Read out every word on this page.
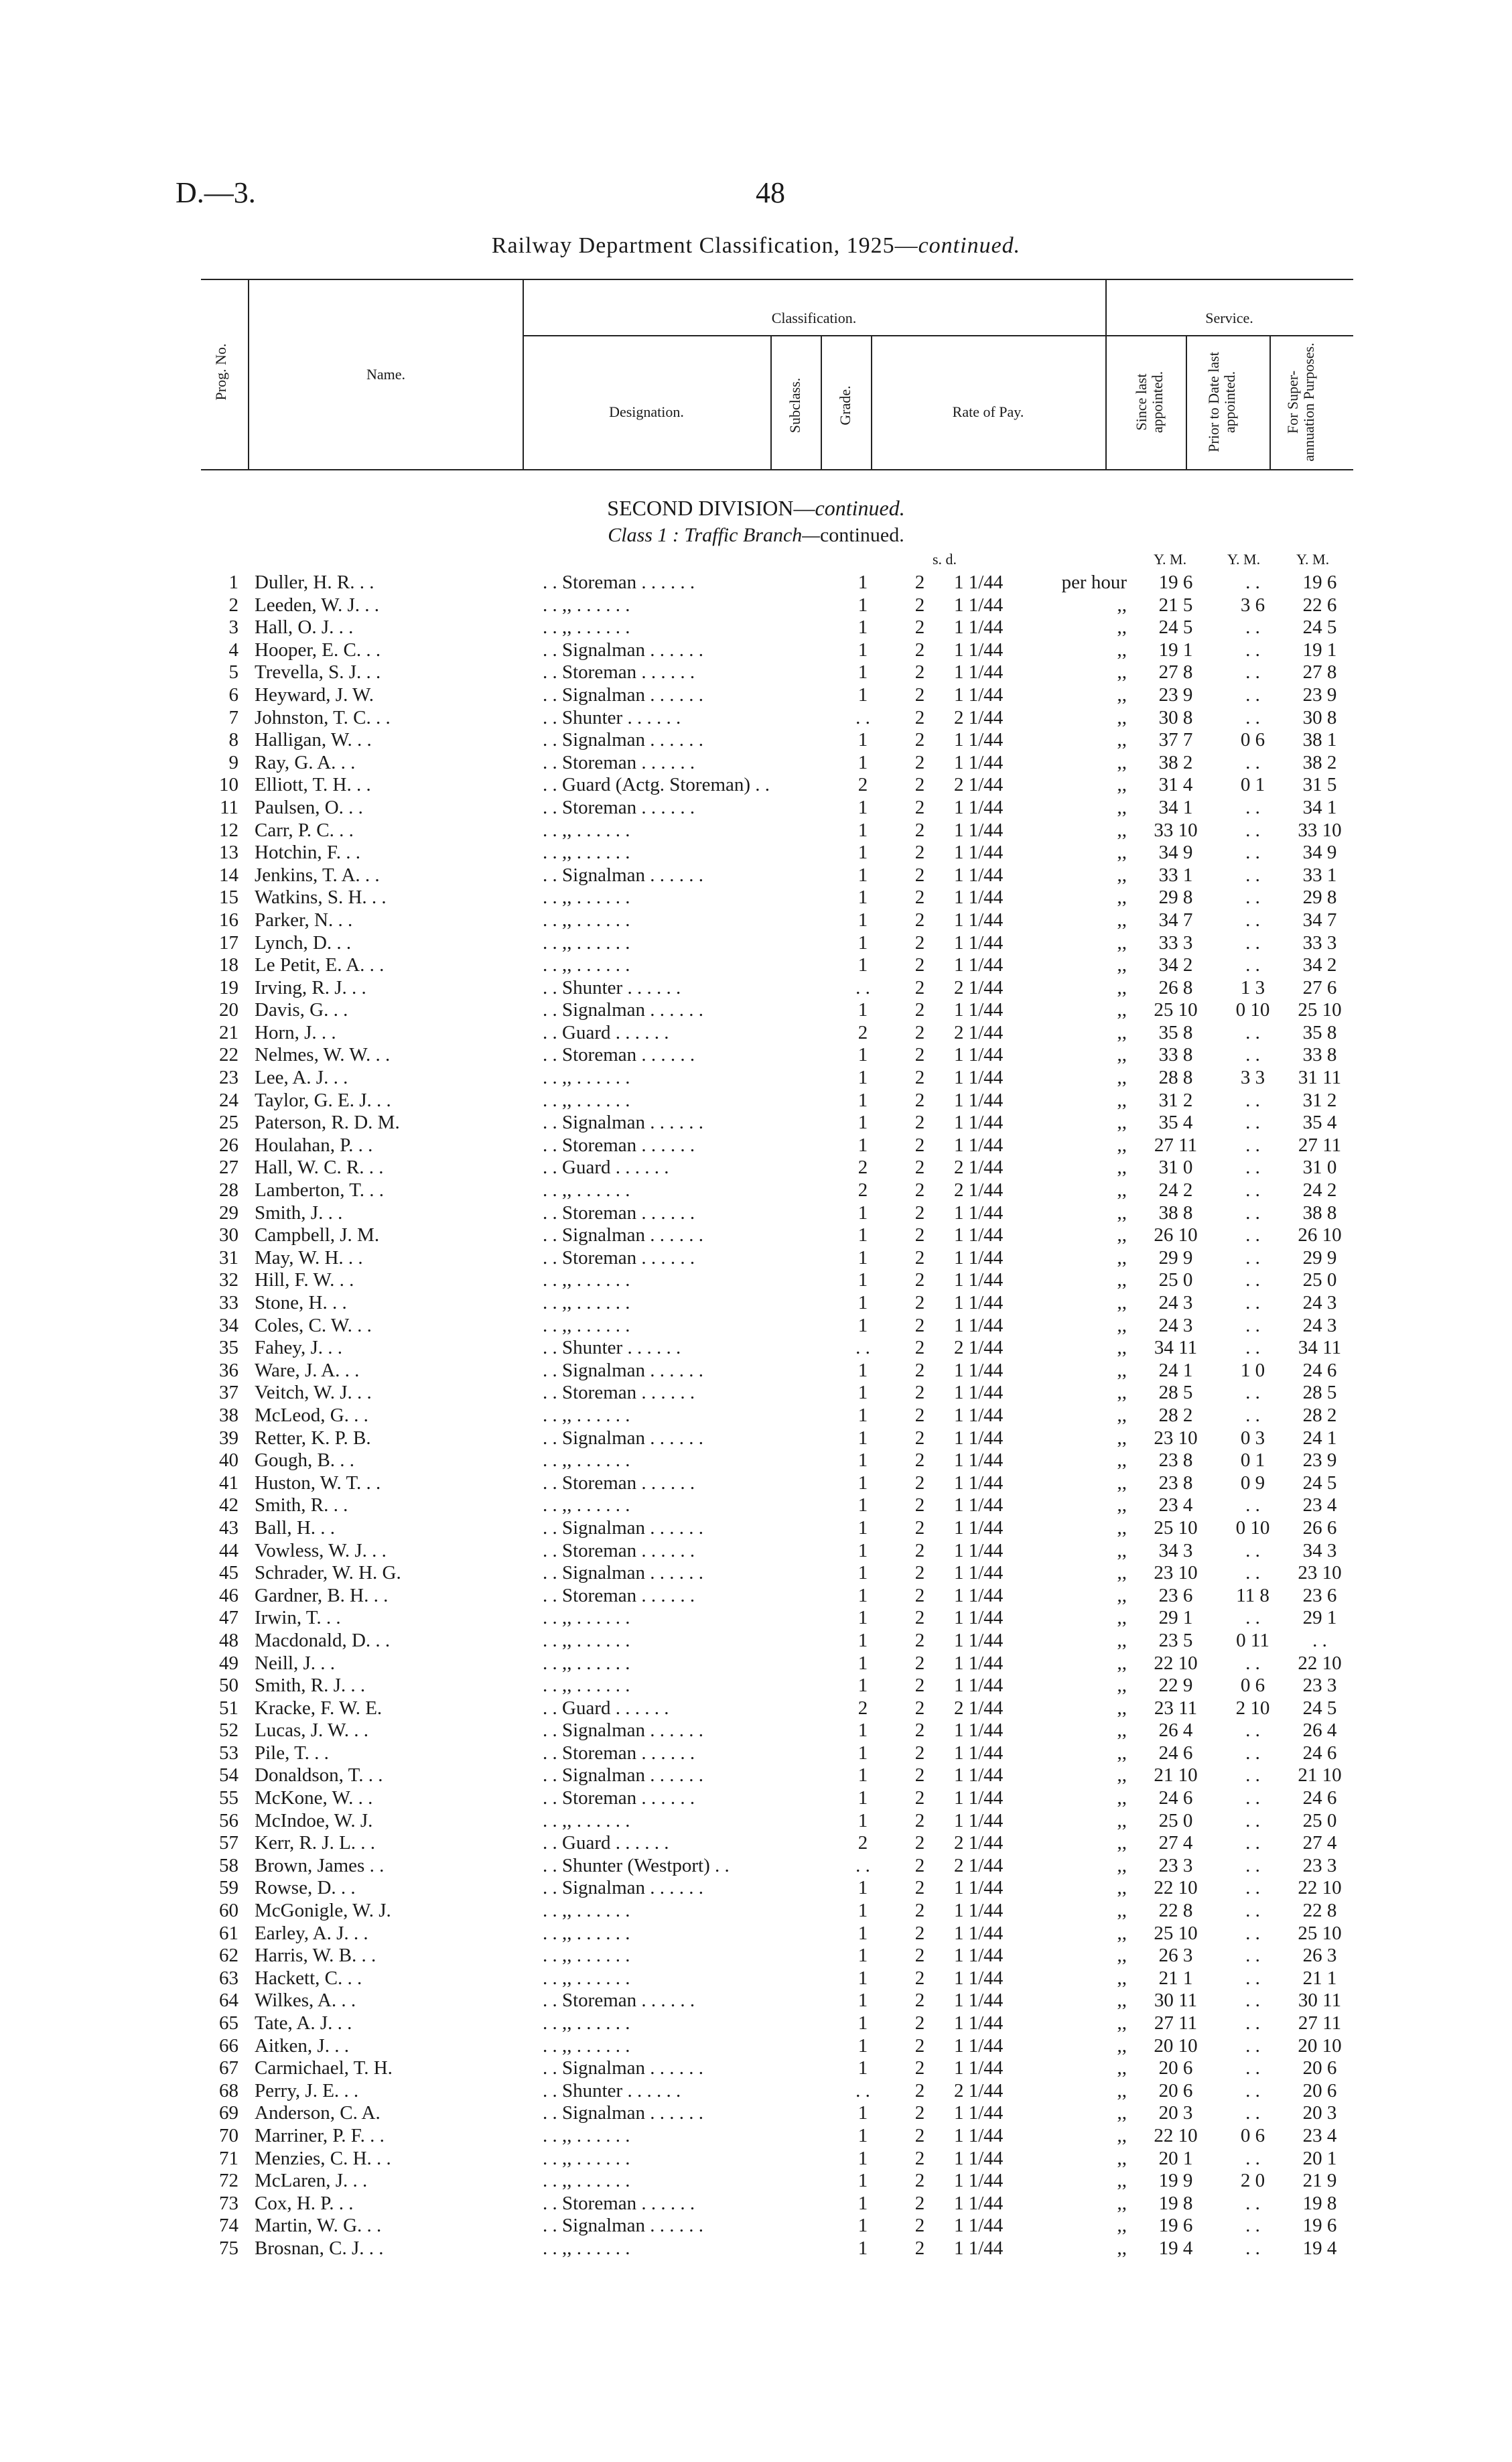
D.—3.	48
Railway Department Classification, 1925—continued.
Prog. No.	Name.
Classification.	Service.
Designation.	Subclass. Grade.	Rate of Pay.	Since last appointed.	Prior to Date last appointed.	For Super-annuation Purposes.
SECOND DIVISION—continued.
Class 1 : Traffic Branch—continued.
s. d.	Y. M.	Y. M. Y. M.
1 Duller, H. R. . .	. . Storeman . . . . . .	1	2	1 1/44	per hour	19 6	. .	19 6
2 Leeden, W. J. . .	. . ,, . . . . . .	1	2	1 1/44	,,	21 5	3 6	22 6
3 Hall, O. J. . .	. . ,, . . . . . .	1	2	1 1/44	,,	24 5	. .	24 5
4 Hooper, E. C. . .	. . Signalman . . . . . .	1	2	1 1/44	,,	19 1	. .	19 1
5 Trevella, S. J. . .	. . Storeman . . . . . .	1	2	1 1/44	,,	27 8	. .	27 8
6 Heyward, J. W.	. . Signalman . . . . . .	1	2	1 1/44	,,	23 9	. .	23 9
7 Johnston, T. C. . .	. . Shunter . . . . . .	. .	2	2 1/44	,,	30 8	. .	30 8
8 Halligan, W. . .	. . Signalman . . . . . .	1	2	1 1/44	,,	37 7	0 6	38 1
9 Ray, G. A. . .	. . Storeman . . . . . .	1	2	1 1/44	,,	38 2	. .	38 2
10 Elliott, T. H. . .	. . Guard (Actg. Storeman) . .	2	2	2 1/44	,,	31 4	0 1	31 5
11 Paulsen, O. . .	. . Storeman . . . . . .	1	2	1 1/44	,,	34 1	. .	34 1
12 Carr, P. C. . .	. . ,, . . . . . .	1	2	1 1/44	,,	33 10	. .	33 10
13 Hotchin, F. . .	. . ,, . . . . . .	1	2	1 1/44	,,	34 9	. .	34 9
14 Jenkins, T. A. . .	. . Signalman . . . . . .	1	2	1 1/44	,,	33 1	. .	33 1
15 Watkins, S. H. . .	. . ,, . . . . . .	1	2	1 1/44	,,	29 8	. .	29 8
16 Parker, N. . .	. . ,, . . . . . .	1	2	1 1/44	,,	34 7	. .	34 7
17 Lynch, D. . .	. . ,, . . . . . .	1	2	1 1/44	,,	33 3	. .	33 3
18 Le Petit, E. A. . .	. . ,, . . . . . .	1	2	1 1/44	,,	34 2	. .	34 2
19 Irving, R. J. . .	. . Shunter . . . . . .	. .	2	2 1/44	,,	26 8	1 3	27 6
20 Davis, G. . .	. . Signalman . . . . . .	1	2	1 1/44	,,	25 10	0 10	25 10
21 Horn, J. . .	. . Guard . . . . . .	2	2	2 1/44	,,	35 8	. .	35 8
22 Nelmes, W. W. . .	. . Storeman . . . . . .	1	2	1 1/44	,,	33 8	. .	33 8
23 Lee, A. J. . .	. . ,, . . . . . .	1	2	1 1/44	,,	28 8	3 3	31 11
24 Taylor, G. E. J. . .	. . ,, . . . . . .	1	2	1 1/44	,,	31 2	. .	31 2
25 Paterson, R. D. M.	. . Signalman . . . . . .	1	2	1 1/44	,,	35 4	. .	35 4
26 Houlahan, P. . .	. . Storeman . . . . . .	1	2	1 1/44	,,	27 11	. .	27 11
27 Hall, W. C. R. . .	. . Guard . . . . . .	2	2	2 1/44	,,	31 0	. .	31 0
28 Lamberton, T. . .	. . ,, . . . . . .	2	2	2 1/44	,,	24 2	. .	24 2
29 Smith, J. . .	. . Storeman . . . . . .	1	2	1 1/44	,,	38 8	. .	38 8
30 Campbell, J. M.	. . Signalman . . . . . .	1	2	1 1/44	,,	26 10	. .	26 10
31 May, W. H. . .	. . Storeman . . . . . .	1	2	1 1/44	,,	29 9	. .	29 9
32 Hill, F. W. . .	. . ,, . . . . . .	1	2	1 1/44	,,	25 0	. .	25 0
33 Stone, H. . .	. . ,, . . . . . .	1	2	1 1/44	,,	24 3	. .	24 3
34 Coles, C. W. . .	. . ,, . . . . . .	1	2	1 1/44	,,	24 3	. .	24 3
35 Fahey, J. . .	. . Shunter . . . . . .	. .	2	2 1/44	,,	34 11	. .	34 11
36 Ware, J. A. . .	. . Signalman . . . . . .	1	2	1 1/44	,,	24 1	1 0	24 6
37 Veitch, W. J. . .	. . Storeman . . . . . .	1	2	1 1/44	,,	28 5	. .	28 5
38 McLeod, G. . .	. . ,, . . . . . .	1	2	1 1/44	,,	28 2	. .	28 2
39 Retter, K. P. B.	. . Signalman . . . . . .	1	2	1 1/44	,,	23 10	0 3	24 1
40 Gough, B. . .	. . ,, . . . . . .	1	2	1 1/44	,,	23 8	0 1	23 9
41 Huston, W. T. . .	. . Storeman . . . . . .	1	2	1 1/44	,,	23 8	0 9	24 5
42 Smith, R. . .	. . ,, . . . . . .	1	2	1 1/44	,,	23 4	. .	23 4
43 Ball, H. . .	. . Signalman . . . . . .	1	2	1 1/44	,,	25 10	0 10	26 6
44 Vowless, W. J. . .	. . Storeman . . . . . .	1	2	1 1/44	,,	34 3	. .	34 3
45 Schrader, W. H. G.	. . Signalman . . . . . .	1	2	1 1/44	,,	23 10	. .	23 10
46 Gardner, B. H. . .	. . Storeman . . . . . .	1	2	1 1/44	,,	23 6	11 8	23 6
47 Irwin, T. . .	. . ,, . . . . . .	1	2	1 1/44	,,	29 1	. .	29 1
48 Macdonald, D. . .	. . ,, . . . . . .	1	2	1 1/44	,,	23 5	0 11	. .
49 Neill, J. . .	. . ,, . . . . . .	1	2	1 1/44	,,	22 10	. .	22 10
50 Smith, R. J. . .	. . ,, . . . . . .	1	2	1 1/44	,,	22 9	0 6	23 3
51 Kracke, F. W. E.	. . Guard . . . . . .	2	2	2 1/44	,,	23 11	2 10	24 5
52 Lucas, J. W. . .	. . Signalman . . . . . .	1	2	1 1/44	,,	26 4	. .	26 4
53 Pile, T. . .	. . Storeman . . . . . .	1	2	1 1/44	,,	24 6	. .	24 6
54 Donaldson, T. . .	. . Signalman . . . . . .	1	2	1 1/44	,,	21 10	. .	21 10
55 McKone, W. . .	. . Storeman . . . . . .	1	2	1 1/44	,,	24 6	. .	24 6
56 McIndoe, W. J.	. . ,, . . . . . .	1	2	1 1/44	,,	25 0	. .	25 0
57 Kerr, R. J. L. . .	. . Guard . . . . . .	2	2	2 1/44	,,	27 4	. .	27 4
58 Brown, James . .	. . Shunter (Westport) . .	. .	2	2 1/44	,,	23 3	. .	23 3
59 Rowse, D. . .	. . Signalman . . . . . .	1	2	1 1/44	,,	22 10	. .	22 10
60 McGonigle, W. J.	. . ,, . . . . . .	1	2	1 1/44	,,	22 8	. .	22 8
61 Earley, A. J. . .	. . ,, . . . . . .	1	2	1 1/44	,,	25 10	. .	25 10
62 Harris, W. B. . .	. . ,, . . . . . .	1	2	1 1/44	,,	26 3	. .	26 3
63 Hackett, C. . .	. . ,, . . . . . .	1	2	1 1/44	,,	21 1	. .	21 1
64 Wilkes, A. . .	. . Storeman . . . . . .	1	2	1 1/44	,,	30 11	. .	30 11
65 Tate, A. J. . .	. . ,, . . . . . .	1	2	1 1/44	,,	27 11	. .	27 11
66 Aitken, J. . .	. . ,, . . . . . .	1	2	1 1/44	,,	20 10	. .	20 10
67 Carmichael, T. H.	. . Signalman . . . . . .	1	2	1 1/44	,,	20 6	. .	20 6
68 Perry, J. E. . .	. . Shunter . . . . . .	. .	2	2 1/44	,,	20 6	. .	20 6
69 Anderson, C. A.	. . Signalman . . . . . .	1	2	1 1/44	,,	20 3	. .	20 3
70 Marriner, P. F. . .	. . ,, . . . . . .	1	2	1 1/44	,,	22 10	0 6	23 4
71 Menzies, C. H. . .	. . ,, . . . . . .	1	2	1 1/44	,,	20 1	. .	20 1
72 McLaren, J. . .	. . ,, . . . . . .	1	2	1 1/44	,,	19 9	2 0	21 9
73 Cox, H. P. . .	. . Storeman . . . . . .	1	2	1 1/44	,,	19 8	. .	19 8
74 Martin, W. G. . .	. . Signalman . . . . . .	1	2	1 1/44	,,	19 6	. .	19 6
75 Brosnan, C. J. . .	. . ,, . . . . . .	1	2	1 1/44	,,	19 4	. .	19 4
